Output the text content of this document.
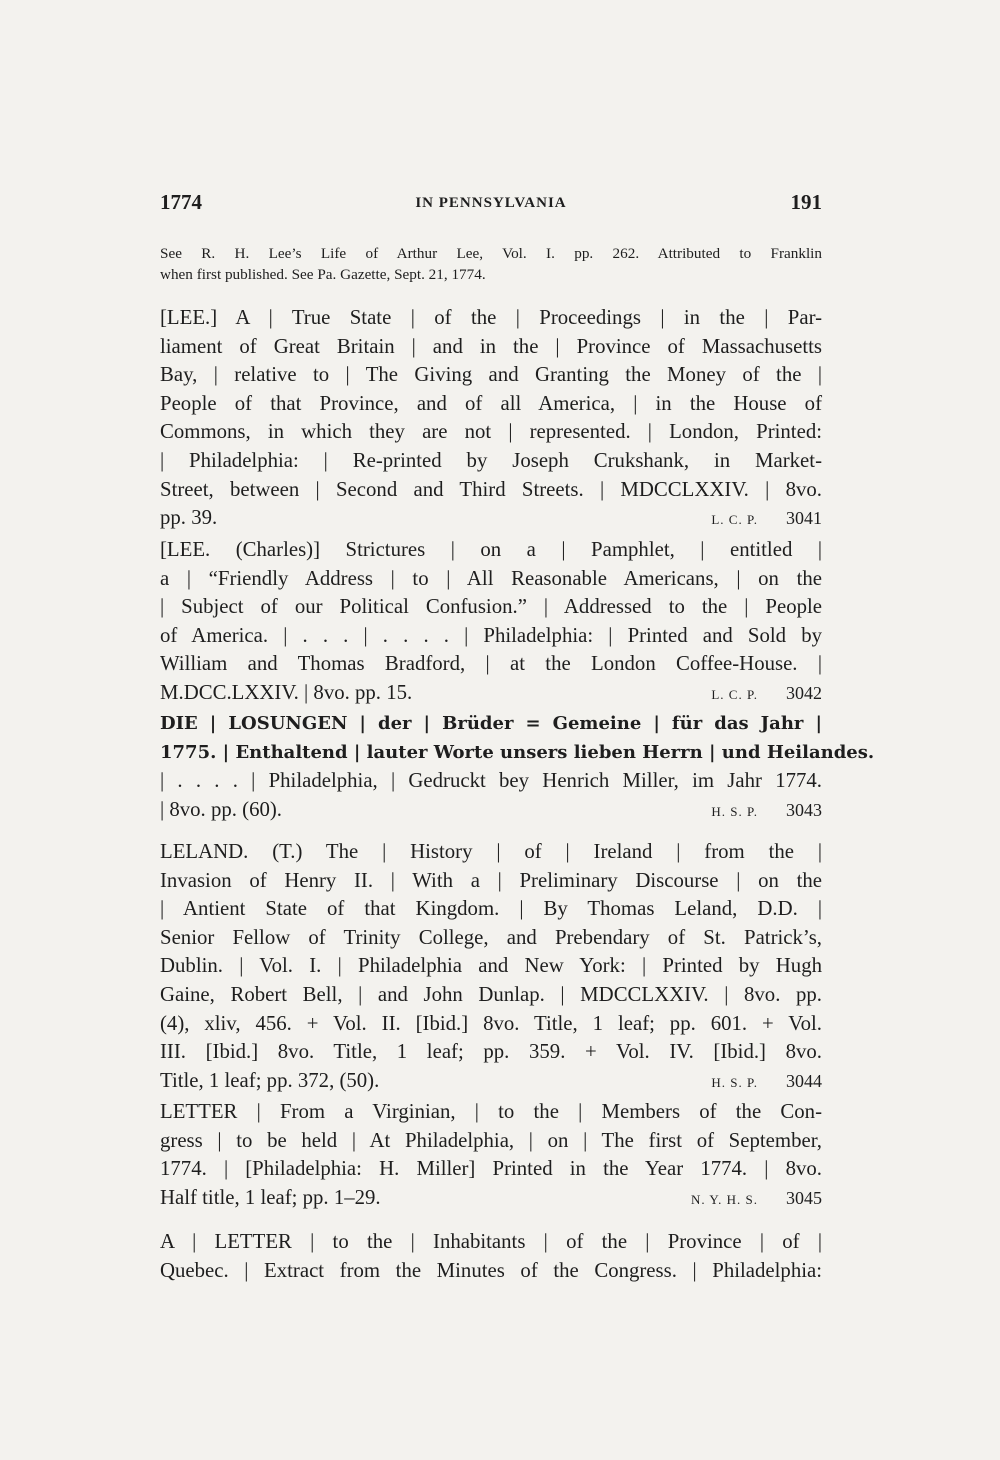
1774	IN PENNSYLVANIA	191
See R. H. Lee’s Life of Arthur Lee, Vol. I. pp. 262. Attributed to Franklin
when first published. See Pa. Gazette, Sept. 21, 1774.
[LEE.] A | True State | of the | Proceedings | in the | Par-
liament of Great Britain | and in the | Province of Massachusetts
Bay, | relative to | The Giving and Granting the Money of the |
People of that Province, and of all America, | in the House of
Commons, in which they are not | represented. | London, Printed:
| Philadelphia: | Re-printed by Joseph Crukshank, in Market-
Street, between | Second and Third Streets. | MDCCLXXIV. | 8vo.
pp. 39.	L. C. P. 3041
[LEE. (Charles)] Strictures | on a | Pamphlet, | entitled |
a | “Friendly Address | to | All Reasonable Americans, | on the
| Subject of our Political Confusion.” | Addressed to the | People
of America. | . . . | . . . . | Philadelphia: | Printed and Sold by
William and Thomas Bradford, | at the London Coffee-House. |
M.DCC.LXXIV. | 8vo. pp. 15.	L. C. P. 3042
DIE | LOSUNGEN | der | Brüder = Gemeine | für das Jahr |
1775. | Enthaltend | lauter Worte unsers lieben Herrn | und Heilandes.
| . . . . | Philadelphia, | Gedruckt bey Henrich Miller, im Jahr 1774.
| 8vo. pp. (60).	H. S. P. 3043
LELAND. (T.) The | History | of | Ireland | from the |
Invasion of Henry II. | With a | Preliminary Discourse | on the
| Antient State of that Kingdom. | By Thomas Leland, D.D. |
Senior Fellow of Trinity College, and Prebendary of St. Patrick’s,
Dublin. | Vol. I. | Philadelphia and New York: | Printed by Hugh
Gaine, Robert Bell, | and John Dunlap. | MDCCLXXIV. | 8vo. pp.
(4), xliv, 456. + Vol. II. [Ibid.] 8vo. Title, 1 leaf; pp. 601. + Vol.
III. [Ibid.] 8vo. Title, 1 leaf; pp. 359. + Vol. IV. [Ibid.] 8vo.
Title, 1 leaf; pp. 372, (50).	H. S. P. 3044
LETTER | From a Virginian, | to the | Members of the Con-
gress | to be held | At Philadelphia, | on | The first of September,
1774. | [Philadelphia: H. Miller] Printed in the Year 1774. | 8vo.
Half title, 1 leaf; pp. 1–29.	N. Y. H. S. 3045
A | LETTER | to the | Inhabitants | of the | Province | of |
Quebec. | Extract from the Minutes of the Congress. | Philadelphia:
